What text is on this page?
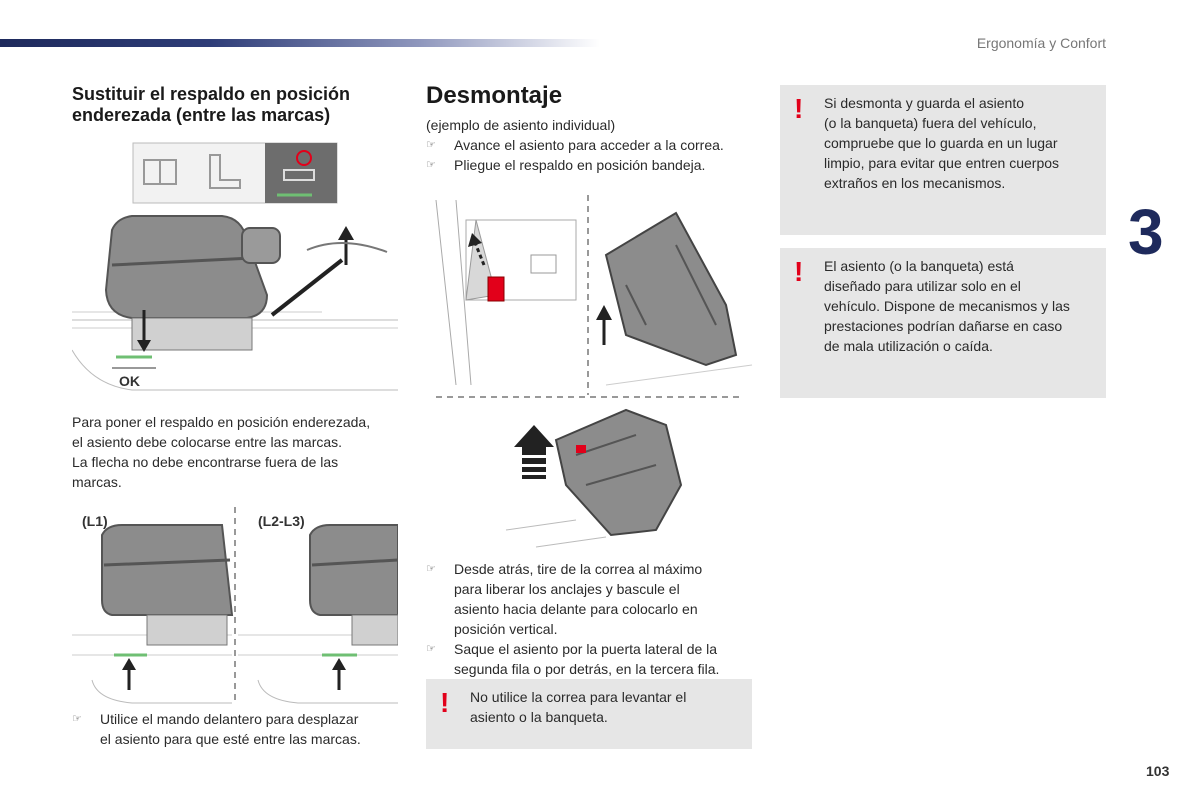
Ergonomía y Confort
3
103
Sustituir el respaldo en posición enderezada (entre las marcas)
OK
Para poner el respaldo en posición enderezada,
el asiento debe colocarse entre las marcas.
La flecha no debe encontrarse fuera de las
marcas.
(L1)	(L2-L3)
☞	Utilice el mando delantero para desplazar
el asiento para que esté entre las marcas.
Desmontaje
(ejemplo de asiento individual)
☞	Avance el asiento para acceder a la correa.
☞	Pliegue el respaldo en posición bandeja.
☞	Desde atrás, tire de la correa al máximo
para liberar los anclajes y bascule el
asiento hacia delante para colocarlo en
posición vertical.
☞	Saque el asiento por la puerta lateral de la
segunda fila o por detrás, en la tercera fila.
! No utilice la correa para levantar el
asiento o la banqueta.
! Si desmonta y guarda el asiento
(o la banqueta) fuera del vehículo,
compruebe que lo guarda en un lugar
limpio, para evitar que entren cuerpos
extraños en los mecanismos.
! El asiento (o la banqueta) está
diseñado para utilizar solo en el
vehículo. Dispone de mecanismos y las
prestaciones podrían dañarse en caso
de mala utilización o caída.
